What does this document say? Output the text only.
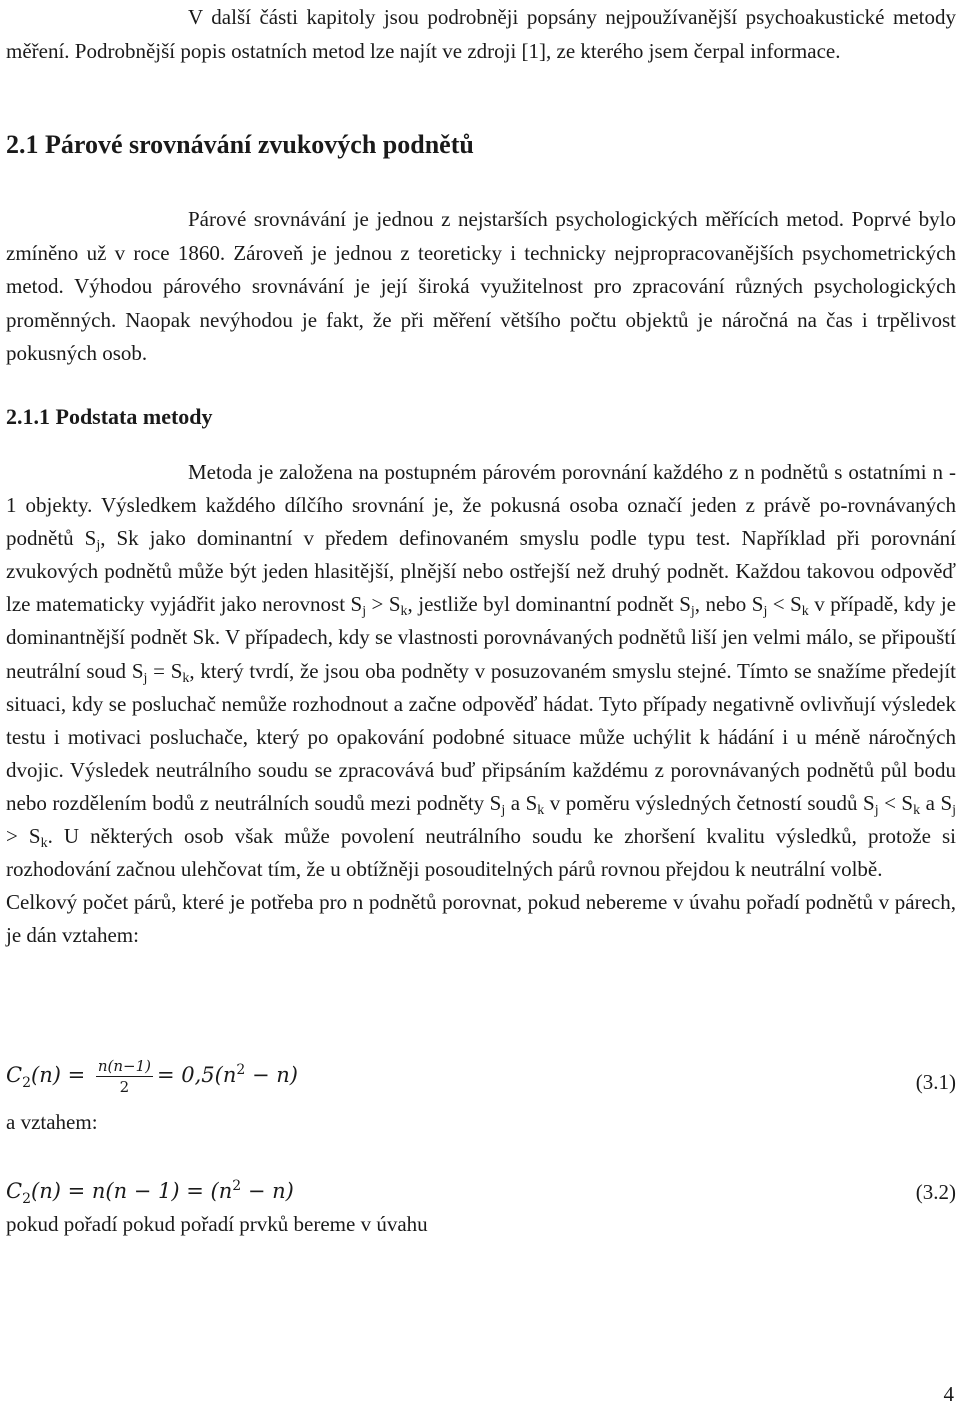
V další části kapitoly jsou podrobněji popsány nejpoužívanější psychoakustické metody měření. Podrobnější popis ostatních metod lze najít ve zdroji [1], ze kterého jsem čerpal informace.

2.1 Párové srovnávání zvukových podnětů

Párové srovnávání je jednou z nejstarších psychologických měřících metod. Poprvé bylo zmíněno už v roce 1860. Zároveň je jednou z teoreticky i technicky nejpropracovanějších psychometrických metod. Výhodou párového srovnávání je její široká využitelnost pro zpracování různých psychologických proměnných. Naopak nevýhodou je fakt, že při měření většího počtu objektů je náročná na čas i trpělivost pokusných osob.

2.1.1 Podstata metody

Metoda je založena na postupném párovém porovnání každého z n podnětů s ostatními n - 1 objekty. Výsledkem každého dílčího srovnání je, že pokusná osoba označí jeden z právě po-rovnávaných podnětů $S_j$, Sk jako dominantní v předem definovaném smyslu podle typu test. Například při porovnání zvukových podnětů může být jeden hlasitější, plnější nebo ostřejší než druhý podnět. Každou takovou odpověď lze matematicky vyjádřit jako nerovnost $S_j > S_k$, jestliže byl dominantní podnět $S_j$, nebo $S_j < S_k$ v případě, kdy je dominantnější podnět Sk. V případech, kdy se vlastnosti porovnávaných podnětů liší jen velmi málo, se připouští neutrální soud $S_j = S_k$, který tvrdí, že jsou oba podněty v posuzovaném smyslu stejné. Tímto se snažíme předejít situaci, kdy se posluchač nemůže rozhodnout a začne odpověď hádat. Tyto případy negativně ovlivňují výsledek testu i motivaci posluchače, který po opakování podobné situace může uchýlit k hádání i u méně náročných dvojic. Výsledek neutrálního soudu se zpracovává buď připsáním každému z porovnávaných podnětů půl bodu nebo rozdělením bodů z neutrálních soudů mezi podněty $S_j$ a $S_k$ v poměru výsledných četností soudů $S_j < S_k$ a $S_j > S_k$. U některých osob však může povolení neutrálního soudu ke zhoršení kvalitu výsledků, protože si rozhodování začnou ulehčovat tím, že u obtížněji posouditelných párů rovnou přejdou k neutrální volbě.

Celkový počet párů, které je potřeba pro n podnětů porovnat, pokud nebereme v úvahu pořadí podnětů v párech, je dán vztahem:

$C_2(n) = \frac{n(n-1)}{2} = 0,5(n^2 - n)$	(3.1)
a vztahem:
$C_2(n) = n(n - 1) = (n^2 - n)$	(3.2)
pokud pořadí pokud pořadí prvků bereme v úvahu
4
